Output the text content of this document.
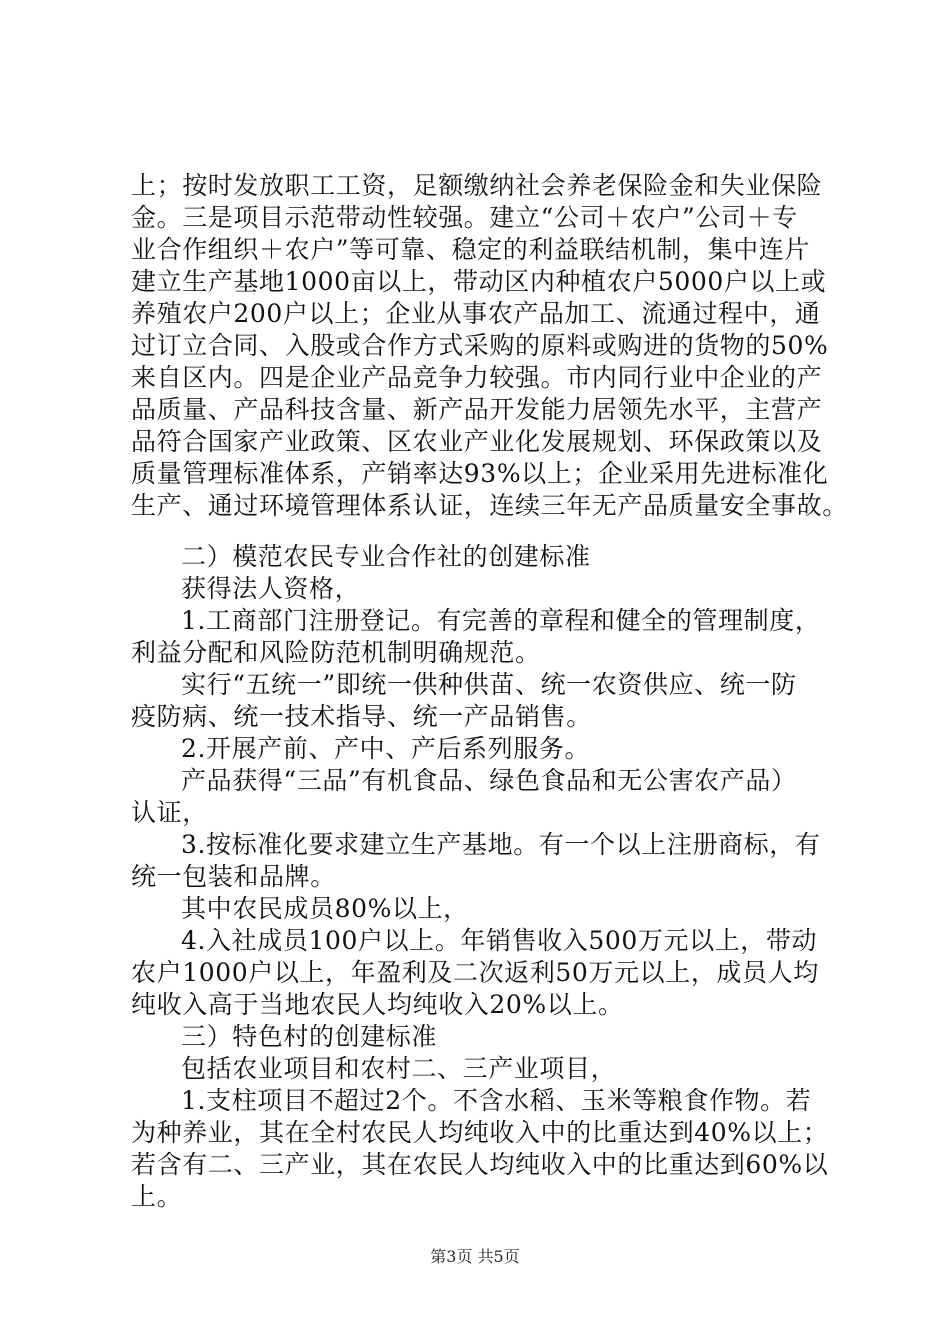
上；按时发放职工工资，足额缴纳社会养老保险金和失业保险
金。三是项目示范带动性较强。建立“公司＋农户”公司＋专
业合作组织＋农户”等可靠、稳定的利益联结机制，集中连片
建立生产基地1000亩以上，带动区内种植农户5000户以上或
养殖农户200户以上；企业从事农产品加工、流通过程中，通
过订立合同、入股或合作方式采购的原料或购进的货物的50%
来自区内。四是企业产品竞争力较强。市内同行业中企业的产
品质量、产品科技含量、新产品开发能力居领先水平，主营产
品符合国家产业政策、区农业产业化发展规划、环保政策以及
质量管理标准体系，产销率达93%以上；企业采用先进标准化
生产、通过环境管理体系认证，连续三年无产品质量安全事故。
二）模范农民专业合作社的创建标准
获得法人资格，
1.工商部门注册登记。有完善的章程和健全的管理制度，
利益分配和风险防范机制明确规范。
实行“五统一”即统一供种供苗、统一农资供应、统一防
疫防病、统一技术指导、统一产品销售。
2.开展产前、产中、产后系列服务。
产品获得“三品”有机食品、绿色食品和无公害农产品）
认证，
3.按标准化要求建立生产基地。有一个以上注册商标，有
统一包装和品牌。
其中农民成员80%以上，
4.入社成员100户以上。年销售收入500万元以上，带动
农户1000户以上，年盈利及二次返利50万元以上，成员人均
纯收入高于当地农民人均纯收入20%以上。
三）特色村的创建标准
包括农业项目和农村二、三产业项目，
1.支柱项目不超过2个。不含水稻、玉米等粮食作物。若
为种养业，其在全村农民人均纯收入中的比重达到40%以上；
若含有二、三产业，其在农民人均纯收入中的比重达到60%以
上。
第3页 共5页
